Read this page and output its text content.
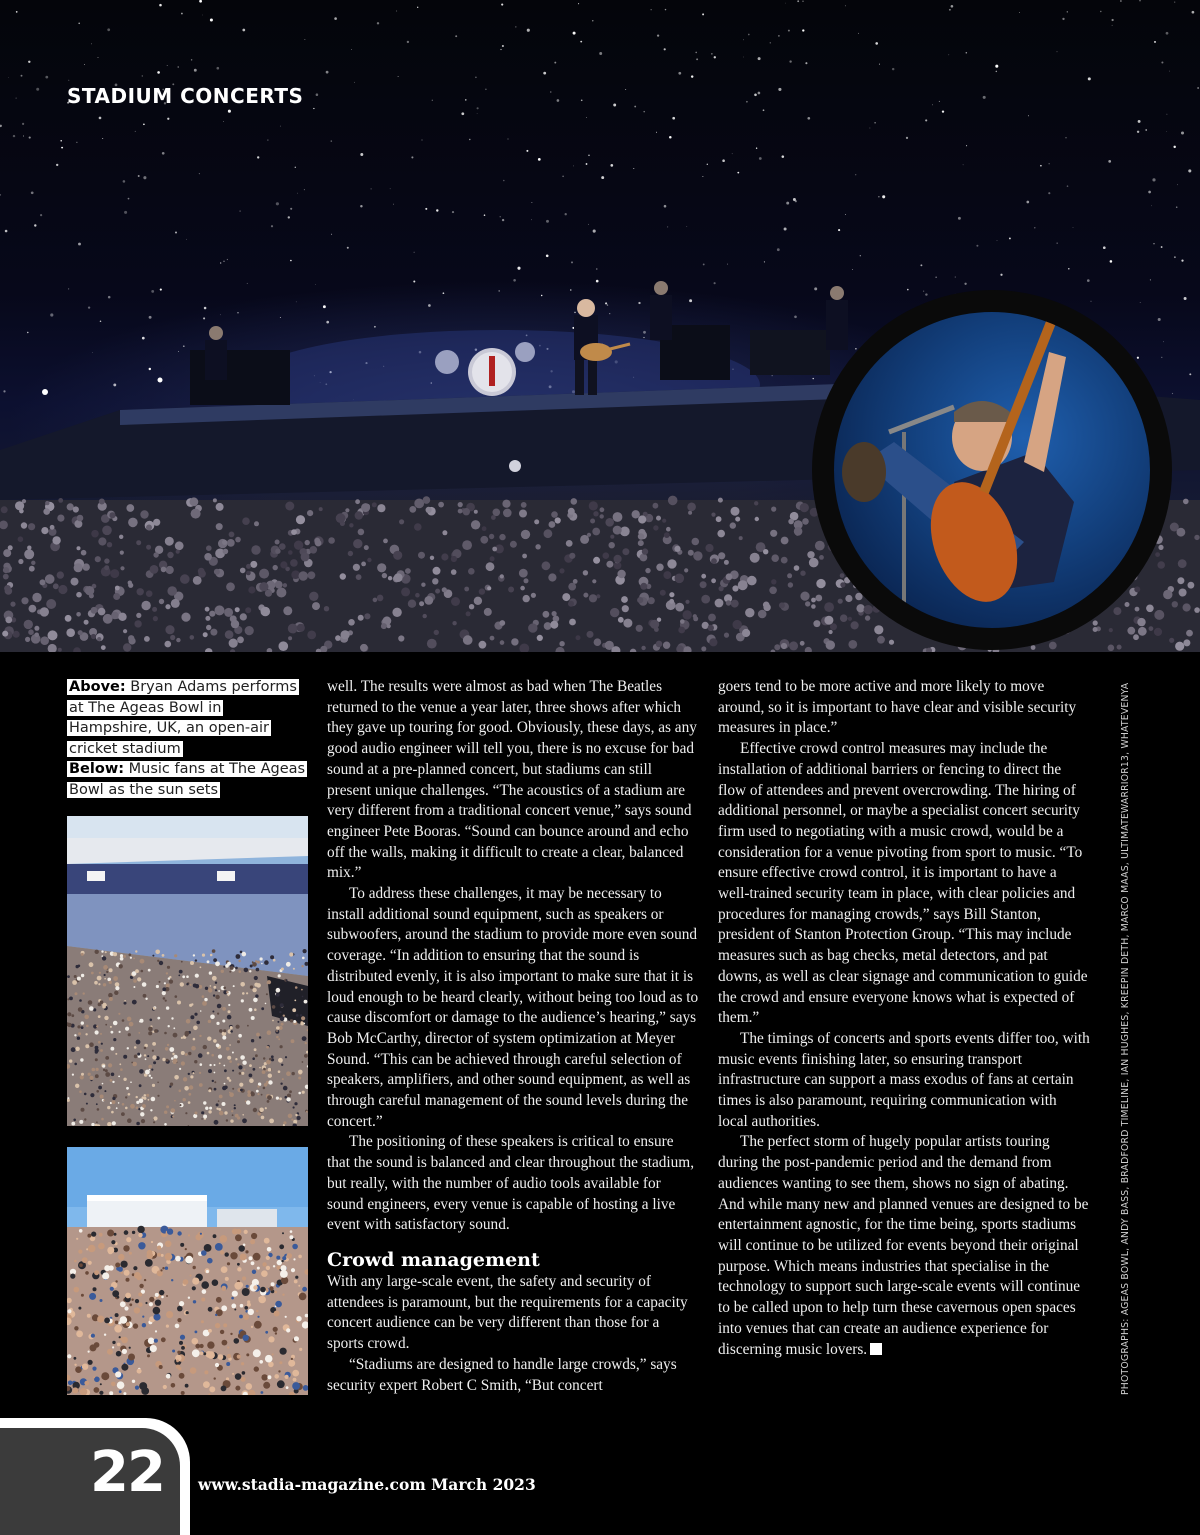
STADIUM CONCERTS
Above: Bryan Adams performs at The Ageas Bowl in Hampshire, UK, an open-air cricket stadium
Below: Music fans at The Ageas Bowl as the sun sets

well. The results were almost as bad when The Beatles returned to the venue a year later, three shows after which they gave up touring for good. Obviously, these days, as any good audio engineer will tell you, there is no excuse for bad sound at a pre-planned concert, but stadiums can still present unique challenges. “The acoustics of a stadium are very different from a traditional concert venue,” says sound engineer Pete Booras. “Sound can bounce around and echo off the walls, making it difficult to create a clear, balanced mix.”

To address these challenges, it may be necessary to install additional sound equipment, such as speakers or subwoofers, around the stadium to provide more even sound coverage. “In addition to ensuring that the sound is distributed evenly, it is also important to make sure that it is loud enough to be heard clearly, without being too loud as to cause discomfort or damage to the audience’s hearing,” says Bob McCarthy, director of system optimization at Meyer Sound. “This can be achieved through careful selection of speakers, amplifiers, and other sound equipment, as well as through careful management of the sound levels during the concert.”

The positioning of these speakers is critical to ensure that the sound is balanced and clear throughout the stadium, but really, with the number of audio tools available for sound engineers, every venue is capable of hosting a live event with satisfactory sound.

Crowd management

With any large-scale event, the safety and security of attendees is paramount, but the requirements for a capacity concert audience can be very different than those for a sports crowd.

“Stadiums are designed to handle large crowds,” says security expert Robert C Smith, “But concert

goers tend to be more active and more likely to move around, so it is important to have clear and visible security measures in place.”

Effective crowd control measures may include the installation of additional barriers or fencing to direct the flow of attendees and prevent overcrowding. The hiring of additional personnel, or maybe a specialist concert security firm used to negotiating with a music crowd, would be a consideration for a venue pivoting from sport to music. “To ensure effective crowd control, it is important to have a well-trained security team in place, with clear policies and procedures for managing crowds,” says Bill Stanton, president of Stanton Protection Group. “This may include measures such as bag checks, metal detectors, and pat downs, as well as clear signage and communication to guide the crowd and ensure everyone knows what is expected of them.”

The timings of concerts and sports events differ too, with music events finishing later, so ensuring transport infrastructure can support a mass exodus of fans at certain times is also paramount, requiring communication with local authorities.

The perfect storm of hugely popular artists touring during the post-pandemic period and the demand from audiences wanting to see them, shows no sign of abating. And while many new and planned venues are designed to be entertainment agnostic, for the time being, sports stadiums will continue to be utilized for events beyond their original purpose. Which means industries that specialise in the technology to support such large-scale events will continue to be called upon to help turn these cavernous open spaces into venues that can create an audience experience for discerning music lovers.	PHOTOGRAPHS: AGEAS BOWL, ANDY BASS, BRADFORD TIMELINE, IAN HUGHES, KREEPIN DETH, MARCO MAAS, ULTIMATEWARRIOR13, WHATEVENYA
22 www.stadia-magazine.com March 2023
